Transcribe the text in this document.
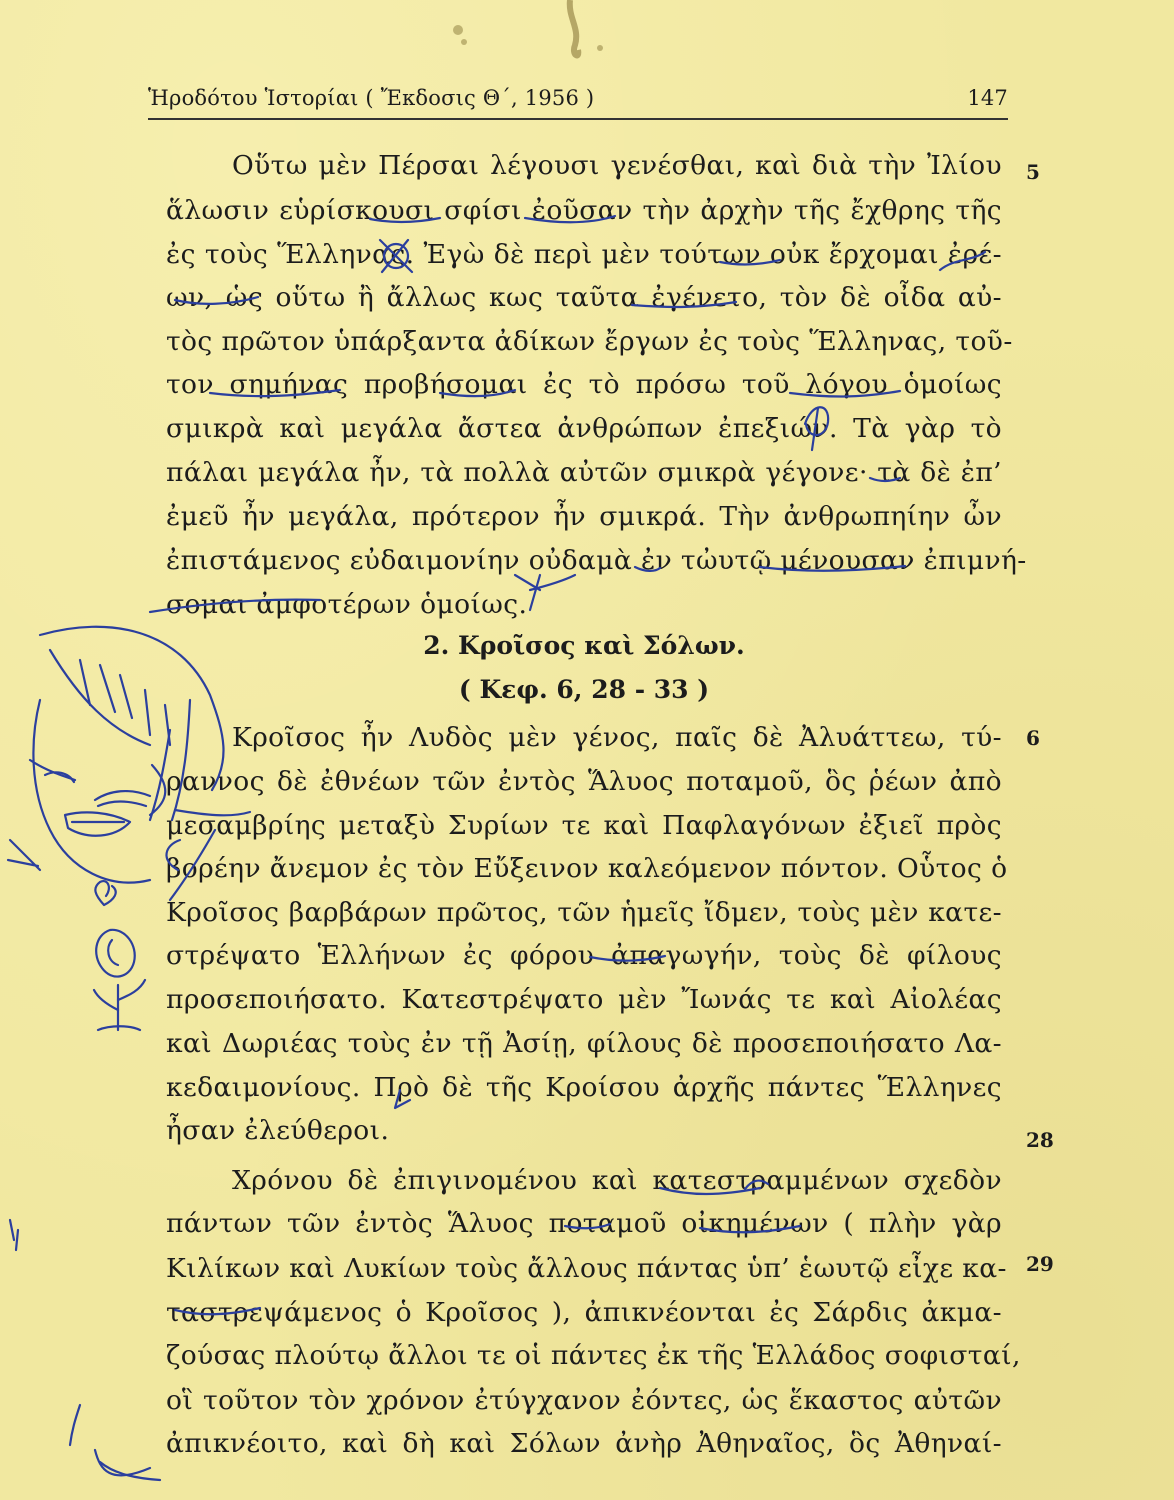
Ἡροδότου Ἱστορίαι ( Ἔκδοσις Θ΄, 1956 )	147
Οὕτω μὲν Πέρσαι λέγουσι γενέσθαι, καὶ διὰ τὴν Ἰλίου
ἅλωσιν εὑρίσκουσι σφίσι ἐοῦσαν τὴν ἀρχὴν τῆς ἔχθρης τῆς
ἐς τοὺς Ἕλληνας. Ἐγὼ δὲ περὶ μὲν τούτων οὐκ ἔρχομαι ἐρέ-
ων, ὡς οὕτω ἢ ἄλλως κως ταῦτα ἐγένετο, τὸν δὲ οἶδα αὐ-
τὸς πρῶτον ὑπάρξαντα ἀδίκων ἔργων ἐς τοὺς Ἕλληνας, τοῦ-
τον σημήνας προβήσομαι ἐς τὸ πρόσω τοῦ λόγου ὁμοίως
σμικρὰ καὶ μεγάλα ἄστεα ἀνθρώπων ἐπεξιών. Τὰ γὰρ τὸ
πάλαι μεγάλα ἦν, τὰ πολλὰ αὐτῶν σμικρὰ γέγονε· τὰ δὲ ἐπ’
ἐμεῦ ἦν μεγάλα, πρότερον ἦν σμικρά. Τὴν ἀνθρωπηίην ὦν
ἐπιστάμενος εὐδαιμονίην οὐδαμὰ ἐν τὠυτῷ μένουσαν ἐπιμνή-
σομαι ἀμφοτέρων ὁμοίως.
5
2. Κροῖσος καὶ Σόλων.
( Κεφ. 6, 28 - 33 )
Κροῖσος ἦν Λυδὸς μὲν γένος, παῖς δὲ Ἀλυάττεω, τύ-
ραννος δὲ ἐθνέων τῶν ἐντὸς Ἅλυος ποταμοῦ, ὃς ῥέων ἀπὸ
μεσαμβρίης μεταξὺ Συρίων τε καὶ Παφλαγόνων ἐξιεῖ πρὸς
βορέην ἄνεμον ἐς τὸν Εὔξεινον καλεόμενον πόντον. Οὗτος ὁ
Κροῖσος βαρβάρων πρῶτος, τῶν ἡμεῖς ἴδμεν, τοὺς μὲν κατε-
στρέψατο Ἑλλήνων ἐς φόρου ἀπαγωγήν, τοὺς δὲ φίλους
προσεποιήσατο. Κατεστρέψατο μὲν Ἴωνάς τε καὶ Αἰολέας
καὶ Δωριέας τοὺς ἐν τῇ Ἀσίῃ, φίλους δὲ προσεποιήσατο Λα-
κεδαιμονίους. Πρὸ δὲ τῆς Κροίσου ἀρχῆς πάντες Ἕλληνες
ἦσαν ἐλεύθεροι.
6
Χρόνου δὲ ἐπιγινομένου καὶ κατεστραμμένων σχεδὸν
πάντων τῶν ἐντὸς Ἅλυος ποταμοῦ οἰκημένων ( πλὴν γὰρ
Κιλίκων καὶ Λυκίων τοὺς ἄλλους πάντας ὑπ’ ἑωυτῷ εἶχε κα-
ταστρεψάμενος ὁ Κροῖσος ), ἀπικνέονται ἐς Σάρδις ἀκμα-
ζούσας πλούτῳ ἄλλοι τε οἱ πάντες ἐκ τῆς Ἑλλάδος σοφισταί,
οἳ τοῦτον τὸν χρόνον ἐτύγχανον ἐόντες, ὡς ἕκαστος αὐτῶν
ἀπικνέοιτο, καὶ δὴ καὶ Σόλων ἀνὴρ Ἀθηναῖος, ὃς Ἀθηναί-
28
29
